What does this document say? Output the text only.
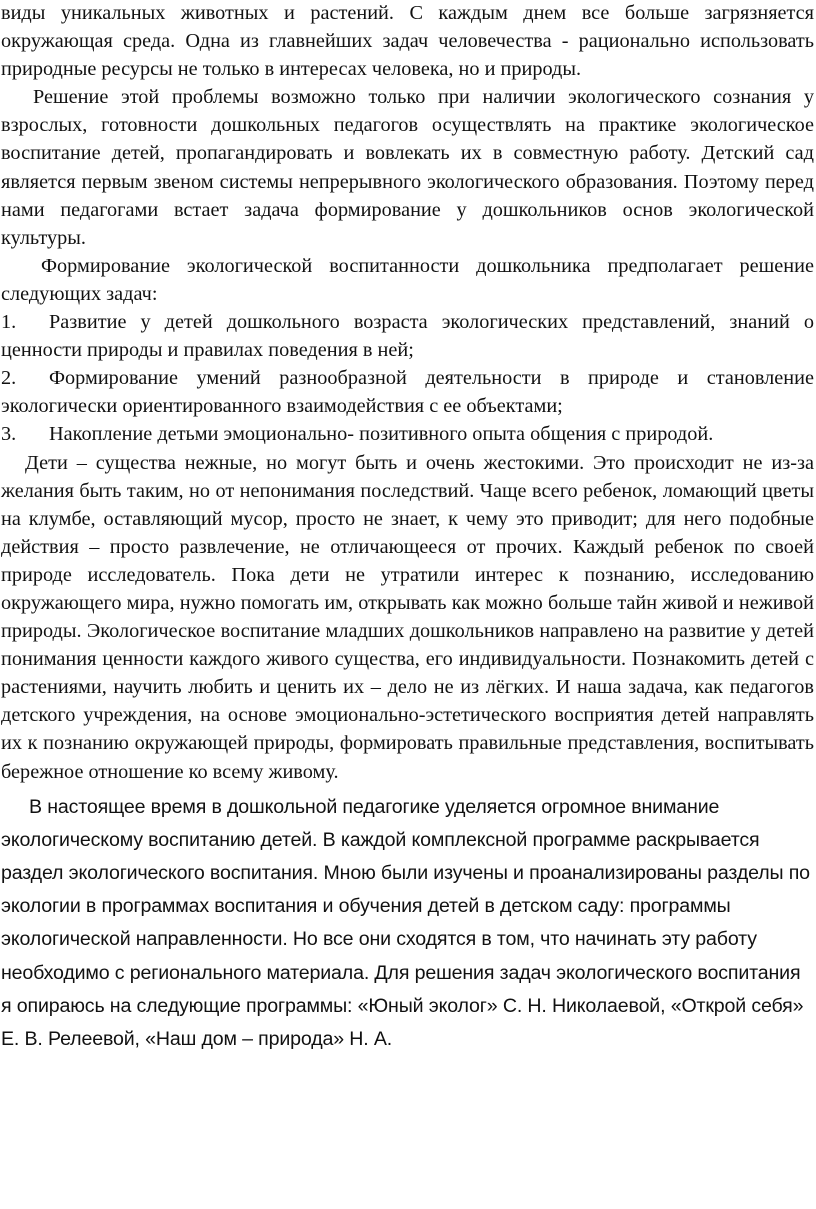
виды уникальных животных и растений. С каждым днем все больше загрязняется окружающая среда. Одна из главнейших задач человечества - рационально использовать природные ресурсы не только в интересах человека, но и природы.

Решение этой проблемы возможно только при наличии экологического сознания у взрослых, готовности дошкольных педагогов осуществлять на практике экологическое воспитание детей, пропагандировать и вовлекать их в совместную работу. Детский сад является первым звеном системы непрерывного экологического образования. Поэтому перед нами педагогами встает задача формирование у дошкольников основ экологической культуры.

Формирование экологической воспитанности дошкольника предполагает решение следующих задач:

1. Развитие у детей дошкольного возраста экологических представлений, знаний о ценности природы и правилах поведения в ней;
2. Формирование умений разнообразной деятельности в природе и становление экологически ориентированного взаимодействия с ее объектами;
3. Накопление детьми эмоционально- позитивного опыта общения с природой.

Дети – существа нежные, но могут быть и очень жестокими. Это происходит не из-за желания быть таким, но от непонимания последствий. Чаще всего ребенок, ломающий цветы на клумбе, оставляющий мусор, просто не знает, к чему это приводит; для него подобные действия – просто развлечение, не отличающееся от прочих. Каждый ребенок по своей природе исследователь. Пока дети не утратили интерес к познанию, исследованию окружающего мира, нужно помогать им, открывать как можно больше тайн живой и неживой природы. Экологическое воспитание младших дошкольников направлено на развитие у детей понимания ценности каждого живого существа, его индивидуальности. Познакомить детей с растениями, научить любить и ценить их – дело не из лёгких. И наша задача, как педагогов детского учреждения, на основе эмоционально-эстетического восприятия детей направлять их к познанию окружающей природы, формировать правильные представления, воспитывать бережное отношение ко всему живому.

В настоящее время в дошкольной педагогике уделяется огромное внимание экологическому воспитанию детей. В каждой комплексной программе раскрывается раздел экологического воспитания. Мною были изучены и проанализированы разделы по экологии в программах воспитания и обучения детей в детском саду: программы экологической направленности. Но все они сходятся в том, что начинать эту работу необходимо с регионального материала. Для решения задач экологического воспитания я опираюсь на следующие программы: «Юный эколог» С. Н. Николаевой, «Открой себя» Е. В. Релеевой, «Наш дом – природа» Н. А.
